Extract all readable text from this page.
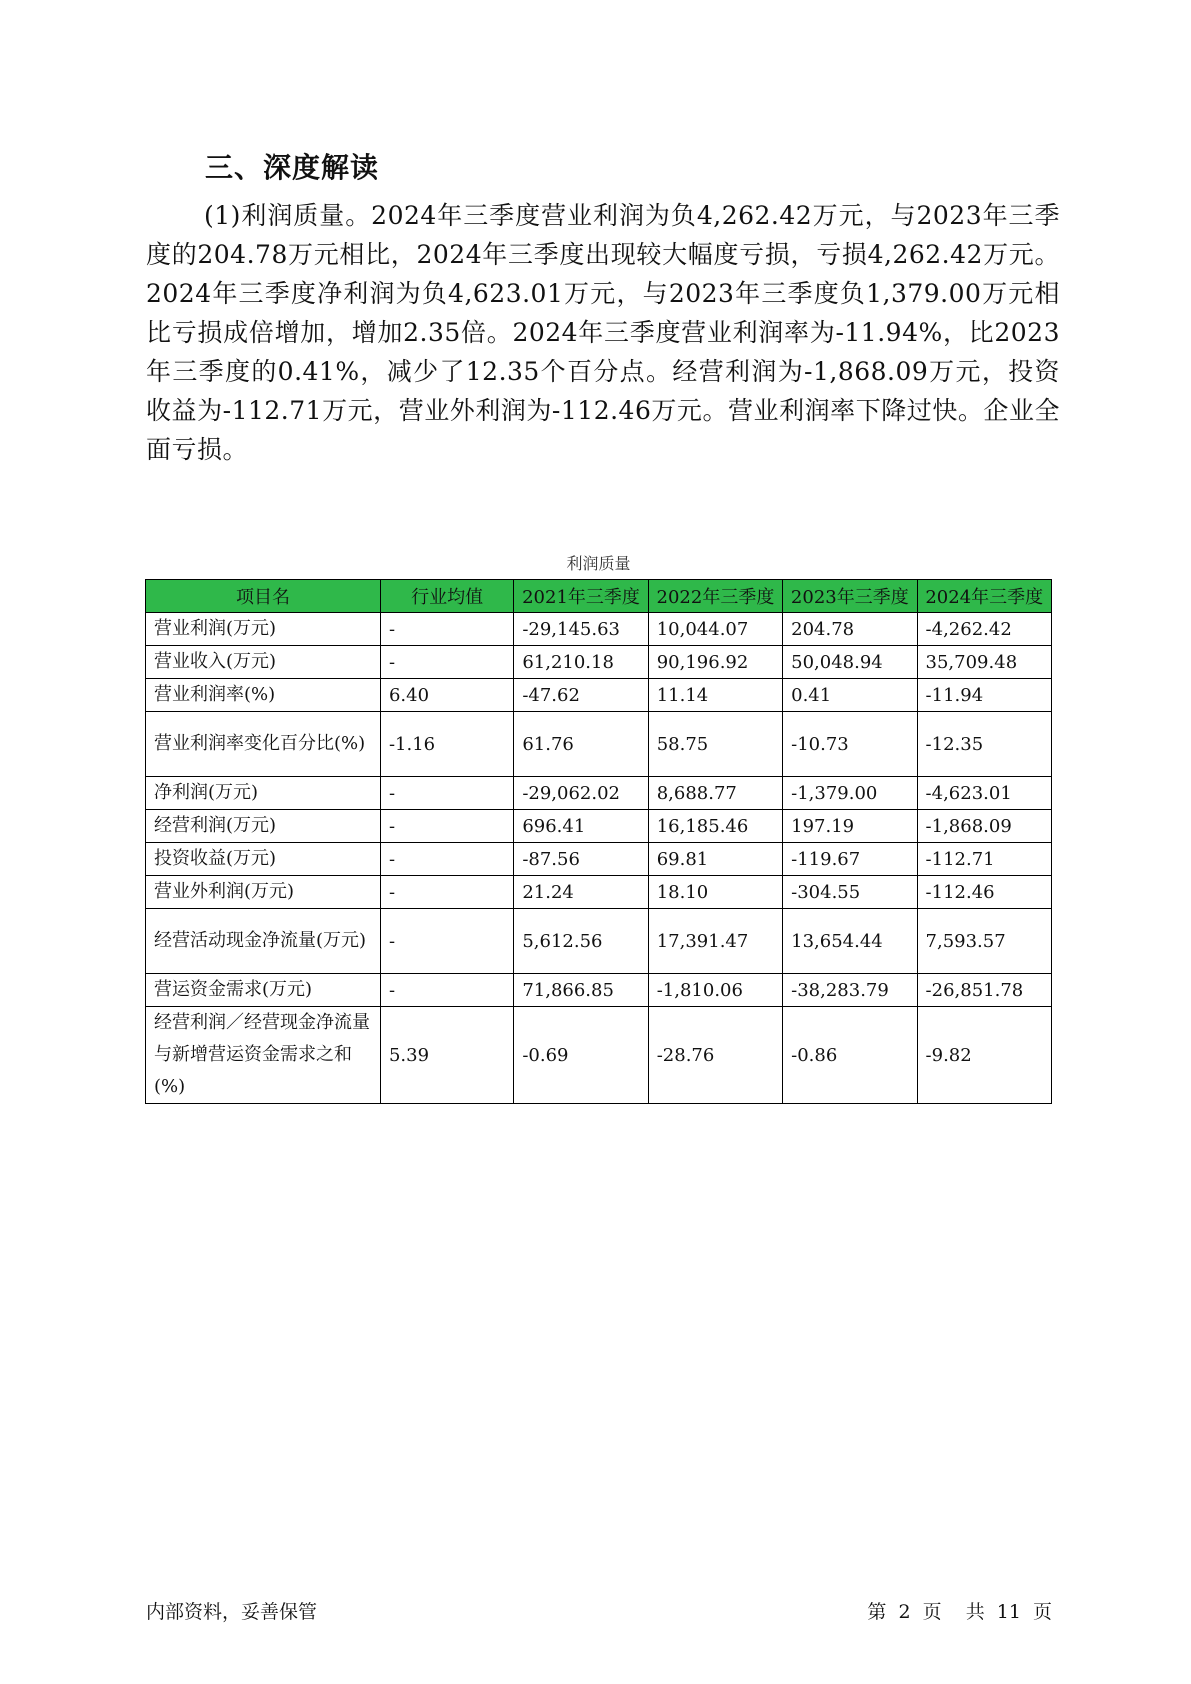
三、深度解读
(1)利润质量。2024年三季度营业利润为负4,262.42万元，与2023年三季度的204.78万元相比，2024年三季度出现较大幅度亏损，亏损4,262.42万元。 2024年三季度净利润为负4,623.01万元，与2023年三季度负1,379.00万元相比亏损成倍增加，增加2.35倍。2024年三季度营业利润率为-11.94%，比2023年三季度的0.41%，减少了12.35个百分点。经营利润为-1,868.09万元，投资收益为-112.71万元，营业外利润为-112.46万元。营业利润率下降过快。企业全面亏损。
利润质量
项目名	行业均值	2021年三季度	2022年三季度	2023年三季度	2024年三季度
营业利润(万元)	-	-29,145.63	10,044.07	204.78	-4,262.42
营业收入(万元)	-	61,210.18	90,196.92	50,048.94	35,709.48
营业利润率(%)	6.40	-47.62	11.14	0.41	-11.94
营业利润率变化百分比(%)	-1.16	61.76	58.75	-10.73	-12.35
净利润(万元)	-	-29,062.02	8,688.77	-1,379.00	-4,623.01
经营利润(万元)	-	696.41	16,185.46	197.19	-1,868.09
投资收益(万元)	-	-87.56	69.81	-119.67	-112.71
营业外利润(万元)	-	21.24	18.10	-304.55	-112.46
经营活动现金净流量(万元)	-	5,612.56	17,391.47	13,654.44	7,593.57
营运资金需求(万元)	-	71,866.85	-1,810.06	-38,283.79	-26,851.78
经营利润／经营现金净流量与新增营运资金需求之和(%)	5.39	-0.69	-28.76	-0.86	-9.82
内部资料，妥善保管	第 2 页 共 11 页
